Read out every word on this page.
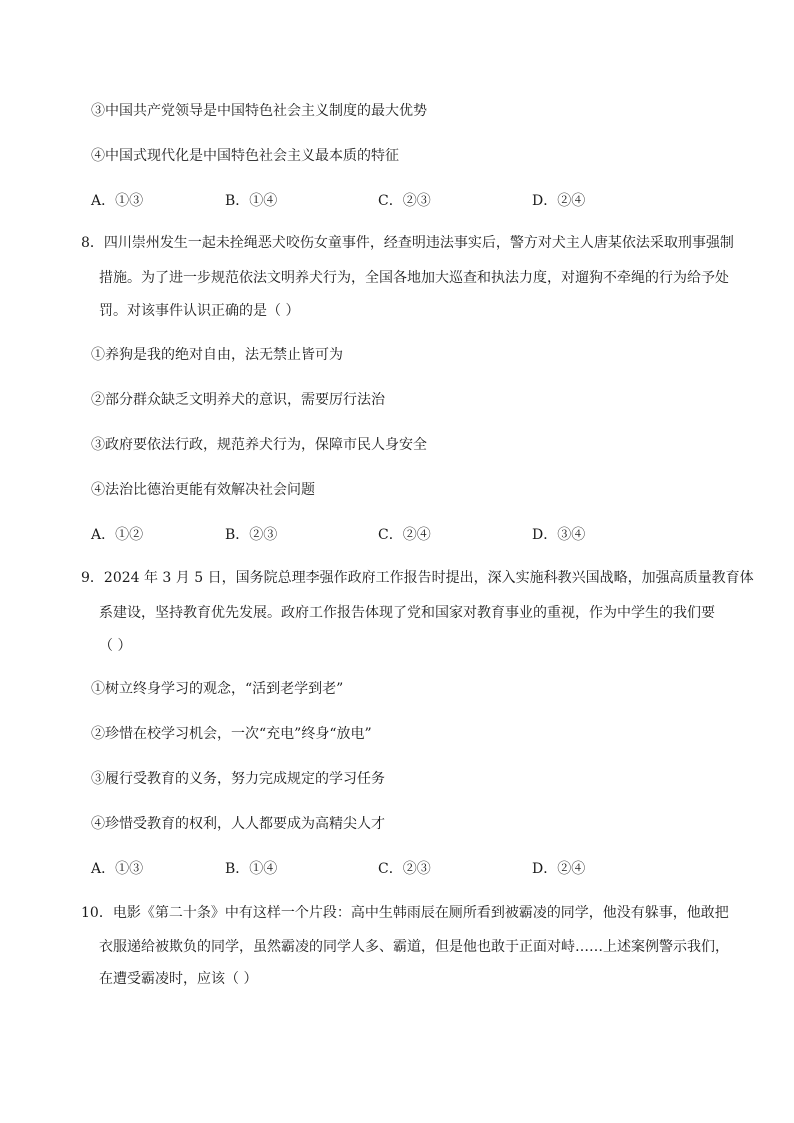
③中国共产党领导是中国特色社会主义制度的最大优势
④中国式现代化是中国特色社会主义最本质的特征
A．①③	B．①④	C．②③	D．②④
8．四川崇州发生一起未拴绳恶犬咬伤女童事件，经查明违法事实后，警方对犬主人唐某依法采取刑事强制
措施。为了进一步规范依法文明养犬行为，全国各地加大巡查和执法力度，对遛狗不牵绳的行为给予处
罚。对该事件认识正确的是（ ）
①养狗是我的绝对自由，法无禁止皆可为
②部分群众缺乏文明养犬的意识，需要厉行法治
③政府要依法行政，规范养犬行为，保障市民人身安全
④法治比德治更能有效解决社会问题
A．①②	B．②③	C．②④	D．③④
9．2024 年 3 月 5 日，国务院总理李强作政府工作报告时提出，深入实施科教兴国战略，加强高质量教育体
系建设，坚持教育优先发展。政府工作报告体现了党和国家对教育事业的重视，作为中学生的我们要
（ ）
①树立终身学习的观念，“活到老学到老”
②珍惜在校学习机会，一次“充电”终身“放电”
③履行受教育的义务，努力完成规定的学习任务
④珍惜受教育的权利，人人都要成为高精尖人才
A．①③	B．①④	C．②③	D．②④
10．电影《第二十条》中有这样一个片段：高中生韩雨辰在厕所看到被霸凌的同学，他没有躲事，他敢把
衣服递给被欺负的同学，虽然霸凌的同学人多、霸道，但是他也敢于正面对峙……上述案例警示我们，
在遭受霸凌时，应该（ ）
